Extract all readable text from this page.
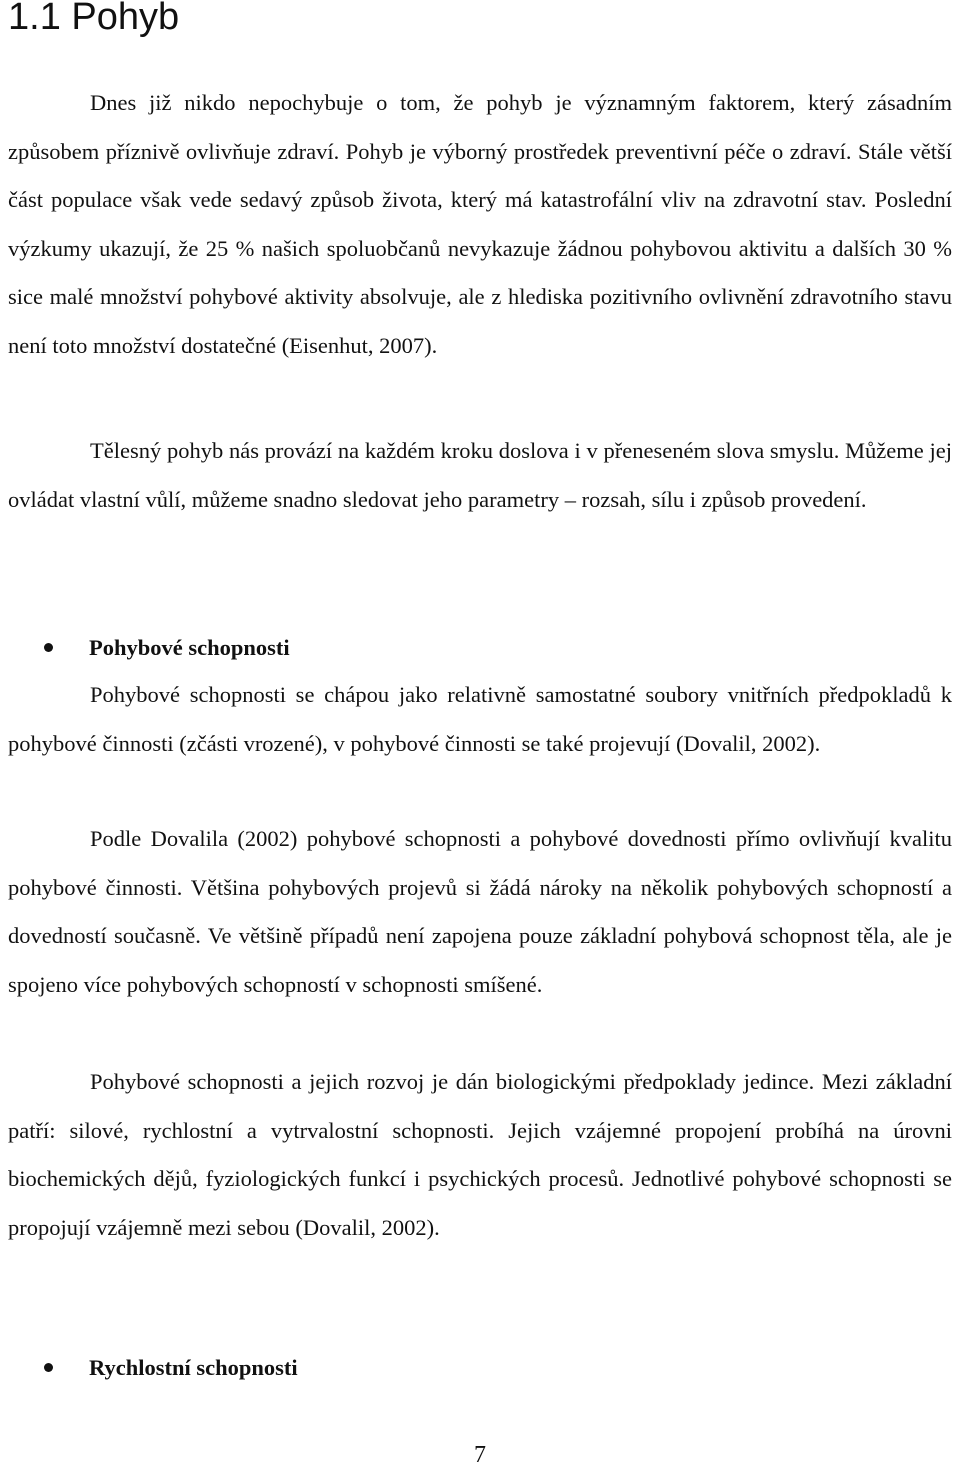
1.1 Pohyb

Dnes již nikdo nepochybuje o tom, že pohyb je významným faktorem, který zásadním způsobem příznivě ovlivňuje zdraví. Pohyb je výborný prostředek preventivní péče o zdraví. Stále větší část populace však vede sedavý způsob života, který má katastrofální vliv na zdravotní stav. Poslední výzkumy ukazují, že 25 % našich spoluobčanů nevykazuje žádnou pohybovou aktivitu a dalších 30 % sice malé množství pohybové aktivity absolvuje, ale z hlediska pozitivního ovlivnění zdravotního stavu není toto množství dostatečné (Eisenhut, 2007).

Tělesný pohyb nás provází na každém kroku doslova i v přeneseném slova smyslu. Můžeme jej ovládat vlastní vůlí, můžeme snadno sledovat jeho parametry – rozsah, sílu i způsob provedení.

Pohybové schopnosti

Pohybové schopnosti se chápou jako relativně samostatné soubory vnitřních předpokladů k pohybové činnosti (zčásti vrozené), v pohybové činnosti se také projevují (Dovalil, 2002).

Podle Dovalila (2002) pohybové schopnosti a pohybové dovednosti přímo ovlivňují kvalitu pohybové činnosti. Většina pohybových projevů si žádá nároky na několik pohybových schopností a dovedností současně. Ve většině případů není zapojena pouze základní pohybová schopnost těla, ale je spojeno více pohybových schopností v schopnosti smíšené.

Pohybové schopnosti a jejich rozvoj je dán biologickými předpoklady jedince. Mezi základní patří: silové, rychlostní a vytrvalostní schopnosti. Jejich vzájemné propojení probíhá na úrovni biochemických dějů, fyziologických funkcí i psychických procesů. Jednotlivé pohybové schopnosti se propojují vzájemně mezi sebou (Dovalil, 2002).

Rychlostní schopnosti
7
